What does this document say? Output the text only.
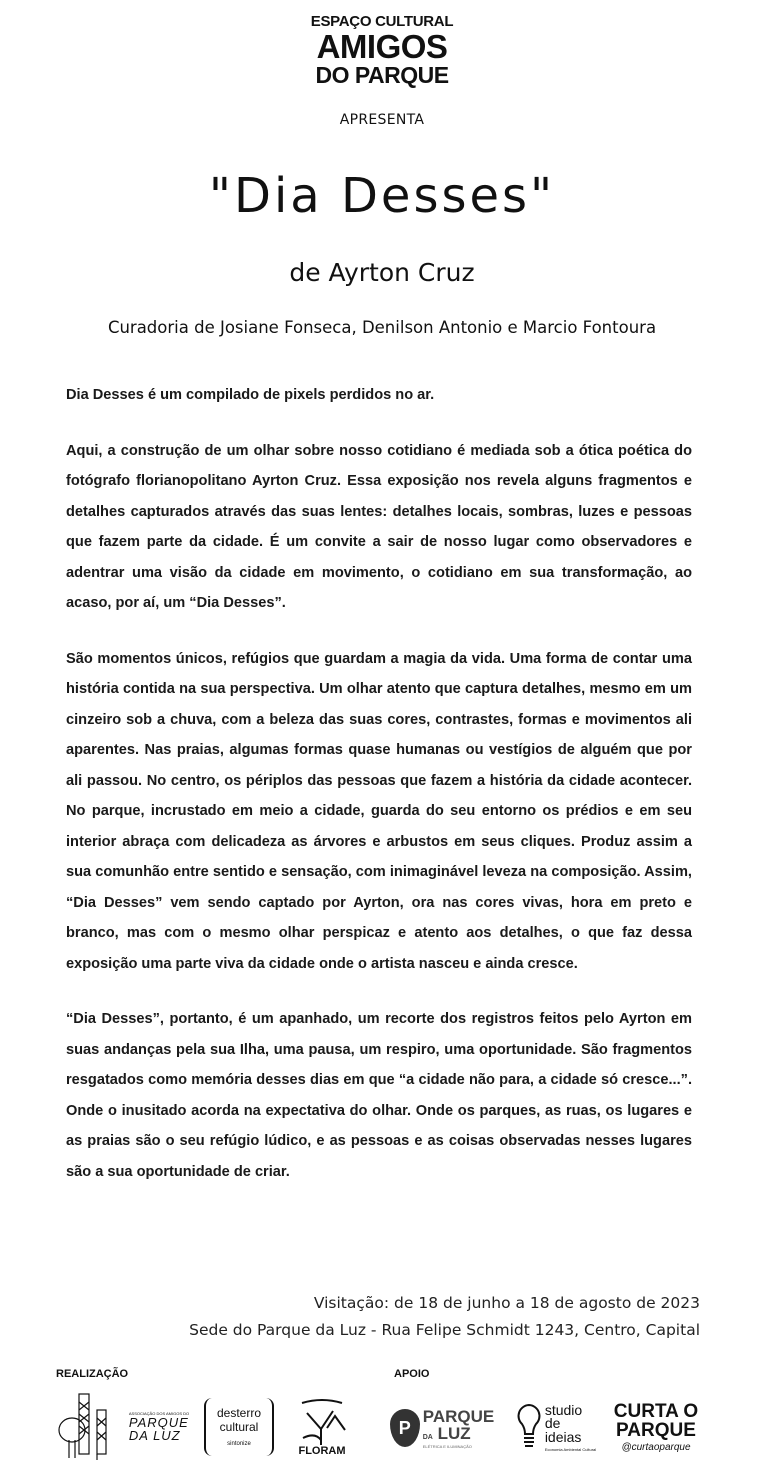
ESPAÇO CULTURAL
AMIGOS
DO PARQUE
APRESENTA
"Dia Desses"
de Ayrton Cruz
Curadoria de Josiane Fonseca, Denilson Antonio e Marcio Fontoura

Dia Desses é um compilado de pixels perdidos no ar.

Aqui, a construção de um olhar sobre nosso cotidiano é mediada sob a ótica poética do fotógrafo florianopolitano Ayrton Cruz. Essa exposição nos revela alguns fragmentos e detalhes capturados através das suas lentes: detalhes locais, sombras, luzes e pessoas que fazem parte da cidade. É um convite a sair de nosso lugar como observadores e adentrar uma visão da cidade em movimento, o cotidiano em sua transformação, ao acaso, por aí, um “Dia Desses”.

São momentos únicos, refúgios que guardam a magia da vida. Uma forma de contar uma história contida na sua perspectiva. Um olhar atento que captura detalhes, mesmo em um cinzeiro sob a chuva, com a beleza das suas cores, contrastes, formas e movimentos ali aparentes. Nas praias, algumas formas quase humanas ou vestígios de alguém que por ali passou. No centro, os périplos das pessoas que fazem a história da cidade acontecer. No parque, incrustado em meio a cidade, guarda do seu entorno os prédios e em seu interior abraça com delicadeza as árvores e arbustos em seus cliques. Produz assim a sua comunhão entre sentido e sensação, com inimaginável leveza na composição. Assim, “Dia Desses” vem sendo captado por Ayrton, ora nas cores vivas, hora em preto e branco, mas com o mesmo olhar perspicaz e atento aos detalhes, o que faz dessa exposição uma parte viva da cidade onde o artista nasceu e ainda cresce.

“Dia Desses”, portanto, é um apanhado, um recorte dos registros feitos pelo Ayrton em suas andanças pela sua Ilha, uma pausa, um respiro, uma oportunidade. São fragmentos resgatados como memória desses dias em que “a cidade não para, a cidade só cresce...”. Onde o inusitado acorda na expectativa do olhar. Onde os parques, as ruas, os lugares e as praias são o seu refúgio lúdico, e as pessoas e as coisas observadas nesses lugares são a sua oportunidade de criar.

Visitação: de 18 de junho a 18 de agosto de 2023
Sede do Parque da Luz - Rua Felipe Schmidt 1243, Centro, Capital
REALIZAÇÃO	APOIO
ASSOCIAÇÃO DOS AMIGOS DO
PARQUE
DA LUZ
desterro
cultural
sintonize
FLORAM
P
PARQUE
DA LUZ
ELÉTRICA E ILUMINAÇÃO
studio
de
ideias
Economia Ambiental Cultural
CURTA O
PARQUE
@curtaoparque
